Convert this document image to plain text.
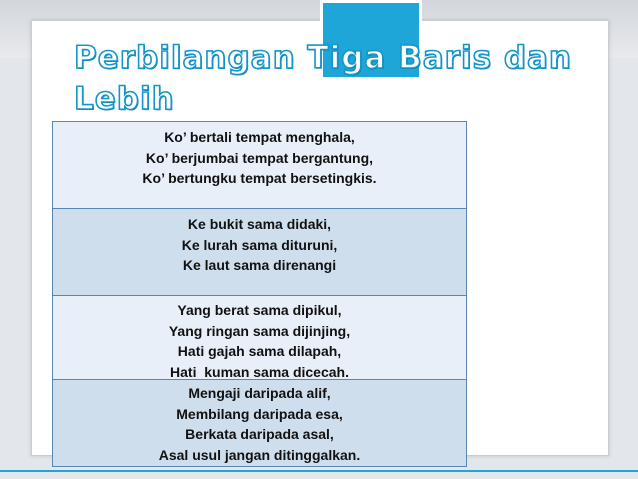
Perbilangan Tiga Baris dan
Lebih
Ko’ bertali tempat menghala,
Ko’ berjumbai tempat bergantung,
Ko’ bertungku tempat bersetingkis.
Ke bukit sama didaki,
Ke lurah sama dituruni,
Ke laut sama direnangi
Yang berat sama dipikul,
Yang ringan sama dijinjing,
Hati gajah sama dilapah,
Hati  kuman sama dicecah.
Mengaji daripada alif,
Membilang daripada esa,
Berkata daripada asal,
Asal usul jangan ditinggalkan.
